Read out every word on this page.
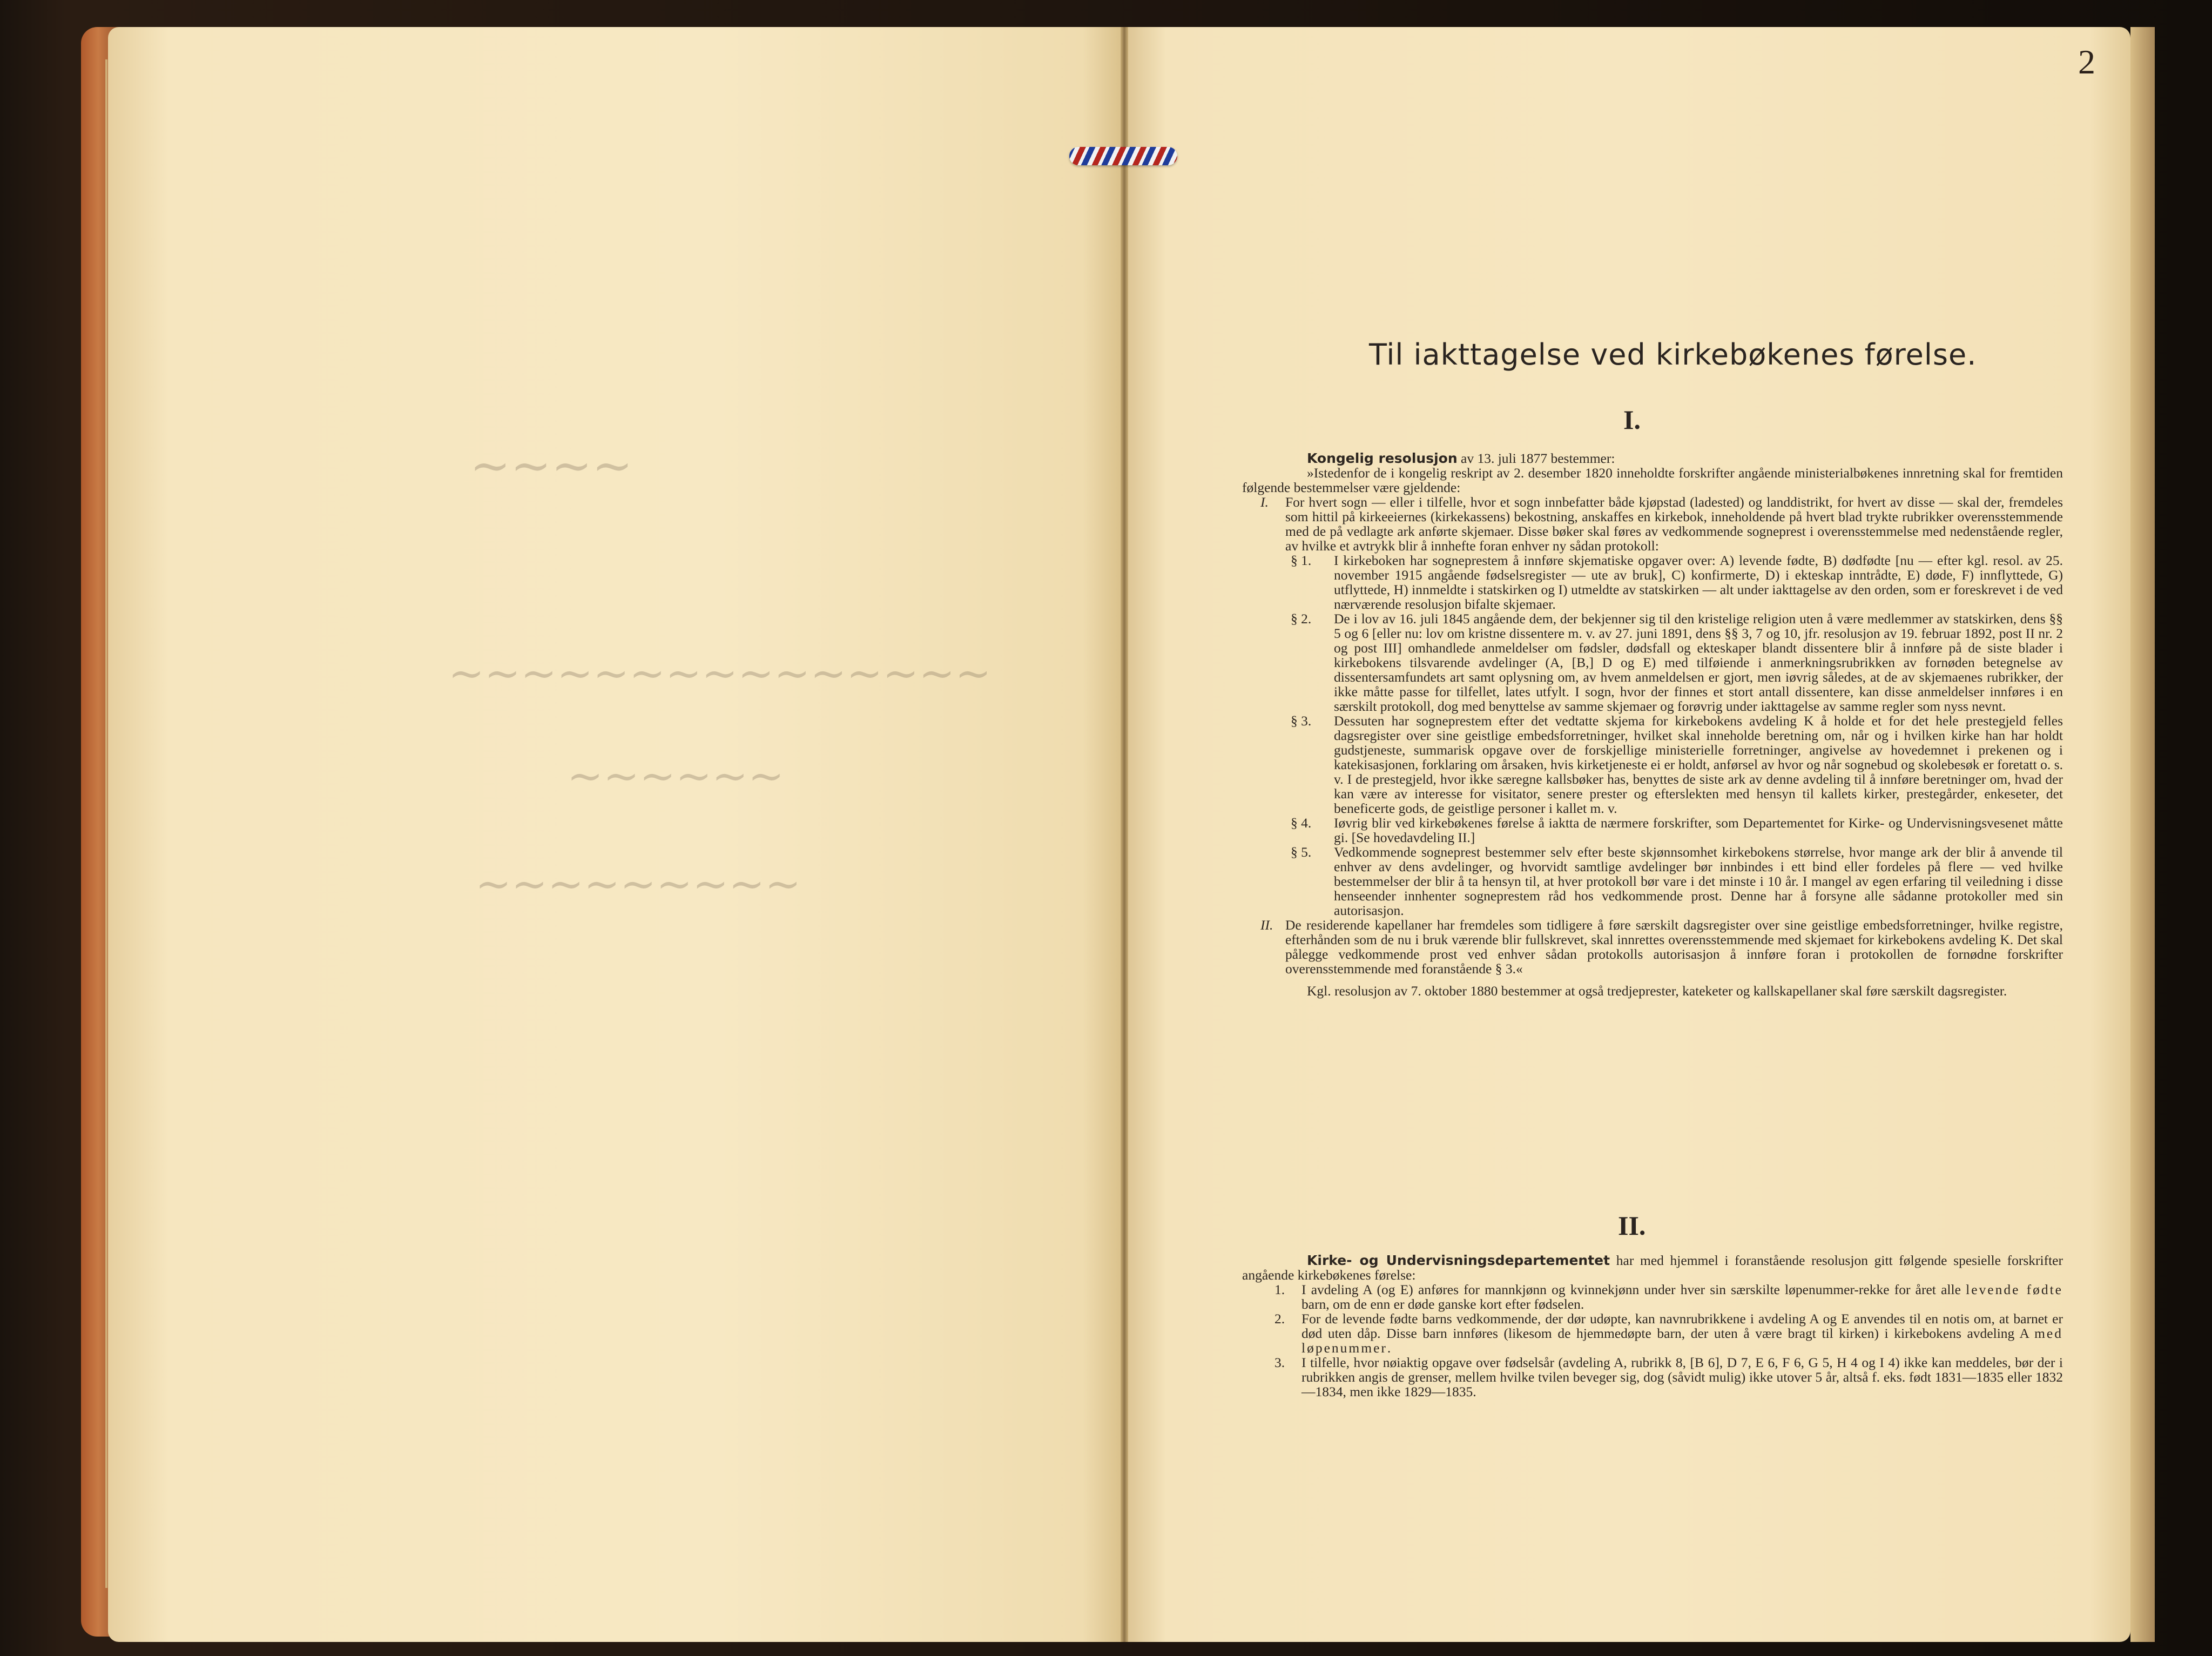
~~~~
~~~~~~~~~~~~~~~
~~~~~~
~~~~~~~~~
2
Til iakttagelse ved kirkebøkenes førelse.
I.

Kongelig resolusjon av 13. juli 1877 bestemmer:

»Istedenfor de i kongelig reskript av 2. desember 1820 inneholdte forskrifter angående ministerialbøkenes innretning skal for fremtiden følgende bestemmelser være gjeldende:

I. For hvert sogn — eller i tilfelle, hvor et sogn innbefatter både kjøpstad (ladested) og landdistrikt, for hvert av disse — skal der, fremdeles som hittil på kirkeeiernes (kirkekassens) bekostning, anskaffes en kirkebok, inneholdende på hvert blad trykte rubrikker overensstemmende med de på vedlagte ark anførte skjemaer. Disse bøker skal føres av vedkommende sogneprest i overensstemmelse med nedenstående regler, av hvilke et avtrykk blir å innhefte foran enhver ny sådan protokoll:
§ 1. I kirkeboken har sogneprestem å innføre skjematiske opgaver over: A) levende fødte, B) dødfødte [nu — efter kgl. resol. av 25. november 1915 angående fødselsregister — ute av bruk], C) konfirmerte, D) i ekteskap inntrådte, E) døde, F) innflyttede, G) utflyttede, H) innmeldte i statskirken og I) utmeldte av statskirken — alt under iakttagelse av den orden, som er foreskrevet i de ved nærværende resolusjon bifalte skjemaer.
§ 2. De i lov av 16. juli 1845 angående dem, der bekjenner sig til den kristelige religion uten å være medlemmer av statskirken, dens §§ 5 og 6 [eller nu: lov om kristne dissentere m. v. av 27. juni 1891, dens §§ 3, 7 og 10, jfr. resolusjon av 19. februar 1892, post II nr. 2 og post III] omhandlede anmeldelser om fødsler, dødsfall og ekteskaper blandt dissentere blir å innføre på de siste blader i kirkebokens tilsvarende avdelinger (A, [B,] D og E) med tilføiende i anmerkningsrubrikken av fornøden betegnelse av dissentersamfundets art samt oplysning om, av hvem anmeldelsen er gjort, men iøvrig således, at de av skjemaenes rubrikker, der ikke måtte passe for tilfellet, lates utfylt. I sogn, hvor der finnes et stort antall dissentere, kan disse anmeldelser innføres i en særskilt protokoll, dog med benyttelse av samme skjemaer og forøvrig under iakttagelse av samme regler som nyss nevnt.
§ 3. Dessuten har sogneprestem efter det vedtatte skjema for kirkebokens avdeling K å holde et for det hele prestegjeld felles dagsregister over sine geistlige embedsforretninger, hvilket skal inneholde beretning om, når og i hvilken kirke han har holdt gudstjeneste, summarisk opgave over de forskjellige ministerielle forretninger, angivelse av hovedemnet i prekenen og i katekisasjonen, forklaring om årsaken, hvis kirketjeneste ei er holdt, anførsel av hvor og når sognebud og skolebesøk er foretatt o. s. v. I de prestegjeld, hvor ikke særegne kallsbøker has, benyttes de siste ark av denne avdeling til å innføre beretninger om, hvad der kan være av interesse for visitator, senere prester og efterslekten med hensyn til kallets kirker, prestegårder, enkeseter, det beneficerte gods, de geistlige personer i kallet m. v.
§ 4. Iøvrig blir ved kirkebøkenes førelse å iaktta de nærmere forskrifter, som Departementet for Kirke- og Undervisningsvesenet måtte gi. [Se hovedavdeling II.]
§ 5. Vedkommende sogneprest bestemmer selv efter beste skjønnsomhet kirkebokens størrelse, hvor mange ark der blir å anvende til enhver av dens avdelinger, og hvorvidt samtlige avdelinger bør innbindes i ett bind eller fordeles på flere — ved hvilke bestemmelser der blir å ta hensyn til, at hver protokoll bør vare i det minste i 10 år. I mangel av egen erfaring til veiledning i disse henseender innhenter sogneprestem råd hos vedkommende prost. Denne har å forsyne alle sådanne protokoller med sin autorisasjon.
II. De residerende kapellaner har fremdeles som tidligere å føre særskilt dagsregister over sine geistlige embedsforretninger, hvilke registre, efterhånden som de nu i bruk værende blir fullskrevet, skal innrettes overensstemmende med skjemaet for kirkebokens avdeling K. Det skal pålegge vedkommende prost ved enhver sådan protokolls autorisasjon å innføre foran i protokollen de fornødne forskrifter overensstemmende med foranstående § 3.«

Kgl. resolusjon av 7. oktober 1880 bestemmer at også tredjeprester, kateketer og kallskapellaner skal føre særskilt dagsregister.

II.

Kirke- og Undervisningsdepartementet har med hjemmel i foranstående resolusjon gitt følgende spesielle forskrifter angående kirkebøkenes førelse:

1. I avdeling A (og E) anføres for mannkjønn og kvinnekjønn under hver sin særskilte løpenummer-rekke for året alle levende fødte barn, om de enn er døde ganske kort efter fødselen.
2. For de levende fødte barns vedkommende, der dør udøpte, kan navnrubrikkene i avdeling A og E anvendes til en notis om, at barnet er død uten dåp. Disse barn innføres (likesom de hjemmedøpte barn, der uten å være bragt til kirken) i kirkebokens avdeling A med løpenummer.
3. I tilfelle, hvor nøiaktig opgave over fødselsår (avdeling A, rubrikk 8, [B 6], D 7, E 6, F 6, G 5, H 4 og I 4) ikke kan meddeles, bør der i rubrikken angis de grenser, mellem hvilke tvilen beveger sig, dog (såvidt mulig) ikke utover 5 år, altså f. eks. født 1831—1835 eller 1832—1834, men ikke 1829—1835.
